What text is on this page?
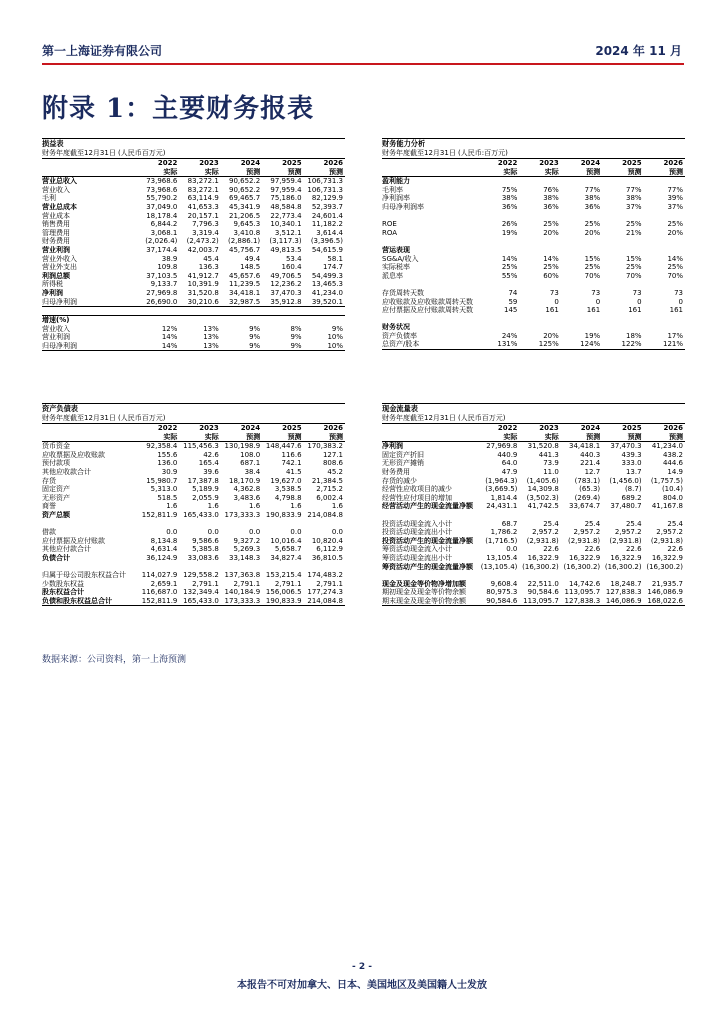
第一上海证券有限公司	2024 年 11 月
附录 1：主要财务报表
损益表
财务年度截至12月31日 (人民币百万元)
	2022	2023	2024	2025	2026
	实际	实际	预测	预测	预测
营业总收入	73,968.6	83,272.1	90,652.2	97,959.4	106,731.3
营业收入	73,968.6	83,272.1	90,652.2	97,959.4	106,731.3
毛利	55,790.2	63,114.9	69,465.7	75,186.0	82,129.9
营业总成本	37,049.0	41,653.3	45,341.9	48,584.8	52,393.7
营业成本	18,178.4	20,157.1	21,206.5	22,773.4	24,601.4
销售费用	6,844.2	7,796.3	9,645.3	10,340.1	11,182.2
管理费用	3,068.1	3,319.4	3,410.8	3,512.1	3,614.4
财务费用	(2,026.4)	(2,473.2)	(2,886.1)	(3,117.3)	(3,396.5)
营业利润	37,174.4	42,003.7	45,756.7	49,813.5	54,615.9
营业外收入	38.9	45.4	49.4	53.4	58.1
营业外支出	109.8	136.3	148.5	160.4	174.7
利润总额	37,103.5	41,912.7	45,657.6	49,706.5	54,499.3
所得税	9,133.7	10,391.9	11,239.5	12,236.2	13,465.3
净利润	27,969.8	31,520.8	34,418.1	37,470.3	41,234.0
归母净利润	26,690.0	30,210.6	32,987.5	35,912.8	39,520.1
增速(%)
营业收入	12%	13%	9%	8%	9%
营业利润	14%	13%	9%	9%	10%
归母净利润	14%	13%	9%	9%	10%
财务能力分析
财务年度截至12月31日 (人民币:百万元)
	2022	2023	2024	2025	2026
	实际	实际	预测	预测	预测
盈利能力					
毛利率	75%	76%	77%	77%	77%
净利润率	38%	38%	38%	38%	39%
归母净利润率	36%	36%	36%	37%	37%

ROE	26%	25%	25%	25%	25%
ROA	19%	20%	20%	21%	20%

营运表现					
SG&A/收入	14%	14%	15%	15%	14%
实际税率	25%	25%	25%	25%	25%
派息率	55%	60%	70%	70%	70%

存货周转天数	74	73	73	73	73
应收账款及应收账款周转天数	59	0	0	0	0
应付票据及应付账款周转天数	145	161	161	161	161

财务状况					
资产负债率	24%	20%	19%	18%	17%
总资产/股本	131%	125%	124%	122%	121%
资产负债表
财务年度截至12月31日 (人民币百万元)
	2022	2023	2024	2025	2026
	实际	实际	预测	预测	预测
货币资金	92,358.4	115,456.3	130,198.9	148,447.6	170,383.2
应收票据及应收账款	155.6	42.6	108.0	116.6	127.1
预付款项	136.0	165.4	687.1	742.1	808.6
其他应收款合计	30.9	39.6	38.4	41.5	45.2
存货	15,980.7	17,387.8	18,170.9	19,627.0	21,384.5
固定资产	5,313.0	5,189.9	4,362.8	3,538.5	2,715.2
无形资产	518.5	2,055.9	3,483.6	4,798.8	6,002.4
商誉	1.6	1.6	1.6	1.6	1.6
资产总额	152,811.9	165,433.0	173,333.3	190,833.9	214,084.8

借款	0.0	0.0	0.0	0.0	0.0
应付票据及应付账款	8,134.8	9,586.6	9,327.2	10,016.4	10,820.4
其他应付款合计	4,631.4	5,385.8	5,269.3	5,658.7	6,112.9
负债合计	36,124.9	33,083.6	33,148.3	34,827.4	36,810.5

归属于母公司股东权益合计	114,027.9	129,558.2	137,363.8	153,215.4	174,483.2
少数股东权益	2,659.1	2,791.1	2,791.1	2,791.1	2,791.1
股东权益合计	116,687.0	132,349.4	140,184.9	156,006.5	177,274.3
负债和股东权益总合计	152,811.9	165,433.0	173,333.3	190,833.9	214,084.8
现金流量表
财务年度截至12月31日 (人民币百万元)
	2022	2023	2024	2025	2026
	实际	实际	预测	预测	预测
净利润	27,969.8	31,520.8	34,418.1	37,470.3	41,234.0
固定资产折旧	440.9	441.3	440.3	439.3	438.2
无形资产摊销	64.0	73.9	221.4	333.0	444.6
财务费用	47.9	11.0	12.7	13.7	14.9
存货的减少	(1,964.3)	(1,405.6)	(783.1)	(1,456.0)	(1,757.5)
经营性应收项目的减少	(3,669.5)	14,309.8	(65.3)	(8.7)	(10.4)
经营性应付项目的增加	1,814.4	(3,502.3)	(269.4)	689.2	804.0
经营活动产生的现金流量净额	24,431.1	41,742.5	33,674.7	37,480.7	41,167.8

投资活动现金流入小计	68.7	25.4	25.4	25.4	25.4
投资活动现金流出小计	1,786.2	2,957.2	2,957.2	2,957.2	2,957.2
投资活动产生的现金流量净额	(1,716.5)	(2,931.8)	(2,931.8)	(2,931.8)	(2,931.8)
筹资活动现金流入小计	0.0	22.6	22.6	22.6	22.6
筹资活动现金流出小计	13,105.4	16,322.9	16,322.9	16,322.9	16,322.9
筹资活动产生的现金流量净额	(13,105.4)	(16,300.2)	(16,300.2)	(16,300.2)	(16,300.2)

现金及现金等价物净增加额	9,608.4	22,511.0	14,742.6	18,248.7	21,935.7
期初现金及现金等价物余额	80,975.3	90,584.6	113,095.7	127,838.3	146,086.9
期末现金及现金等价物余额	90,584.6	113,095.7	127,838.3	146,086.9	168,022.6
数据来源：公司资料，第一上海预测
- 2 -
本报告不可对加拿大、日本、美国地区及美国籍人士发放
